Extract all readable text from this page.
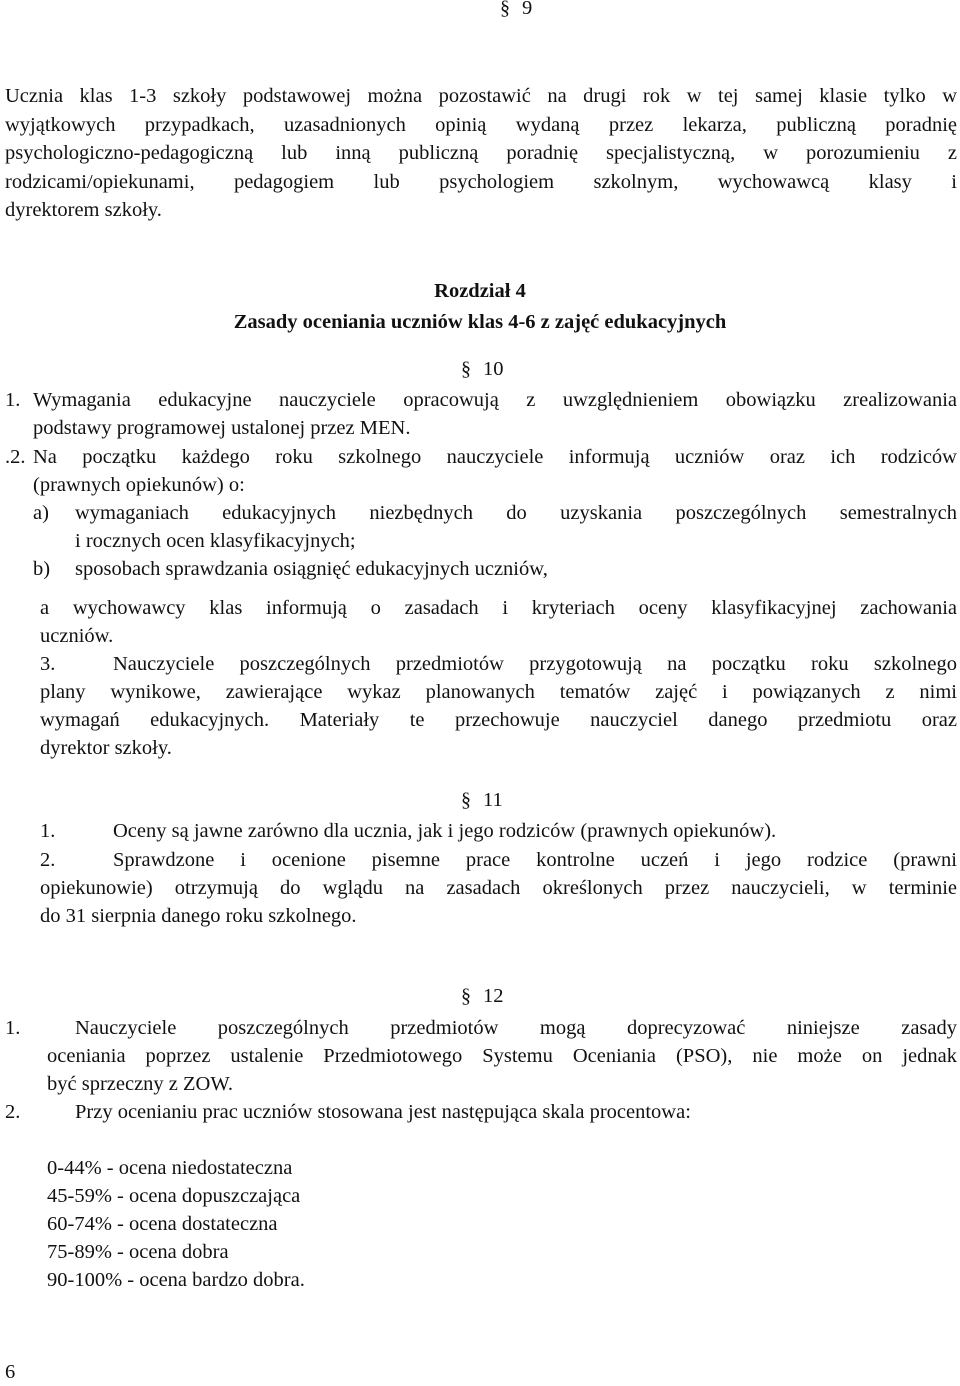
§ 9
Ucznia klas 1-3 szkoły podstawowej można pozostawić na drugi rok w tej samej klasie tylko w
wyjątkowych przypadkach, uzasadnionych opinią wydaną przez lekarza, publiczną poradnię
psychologiczno-pedagogiczną lub inną publiczną poradnię specjalistyczną, w porozumieniu z
rodzicami/opiekunami, pedagogiem lub psychologiem szkolnym, wychowawcą klasy i
dyrektorem szkoły.
Rozdział 4
Zasady oceniania uczniów klas 4-6 z zajęć edukacyjnych
§ 10
1. Wymagania edukacyjne nauczyciele opracowują z uwzględnieniem obowiązku zrealizowania
podstawy programowej ustalonej przez MEN.
.2. Na początku każdego roku szkolnego nauczyciele informują uczniów oraz ich rodziców
(prawnych opiekunów) o:
a) wymaganiach edukacyjnych niezbędnych do uzyskania poszczególnych semestralnych
i rocznych ocen klasyfikacyjnych;
b) sposobach sprawdzania osiągnięć edukacyjnych uczniów,
a wychowawcy klas informują o zasadach i kryteriach oceny klasyfikacyjnej zachowania
uczniów.
3.	Nauczyciele poszczególnych przedmiotów przygotowują na początku roku szkolnego
plany wynikowe, zawierające wykaz planowanych tematów zajęć i powiązanych z nimi
wymagań edukacyjnych. Materiały te przechowuje nauczyciel danego przedmiotu oraz
dyrektor szkoły.
§ 11
1.	Oceny są jawne zarówno dla ucznia, jak i jego rodziców (prawnych opiekunów).
2.	Sprawdzone i ocenione pisemne prace kontrolne uczeń i jego rodzice (prawni
opiekunowie) otrzymują do wglądu na zasadach określonych przez nauczycieli, w terminie
do 31 sierpnia danego roku szkolnego.
§ 12
1.	Nauczyciele poszczególnych przedmiotów mogą doprecyzować niniejsze zasady
oceniania poprzez ustalenie Przedmiotowego Systemu Oceniania (PSO), nie może on jednak
być sprzeczny z ZOW.
2.	Przy ocenianiu prac uczniów stosowana jest następująca skala procentowa:
0-44% - ocena niedostateczna
45-59% - ocena dopuszczająca
60-74% - ocena dostateczna
75-89% - ocena dobra
90-100% - ocena bardzo dobra.
6
